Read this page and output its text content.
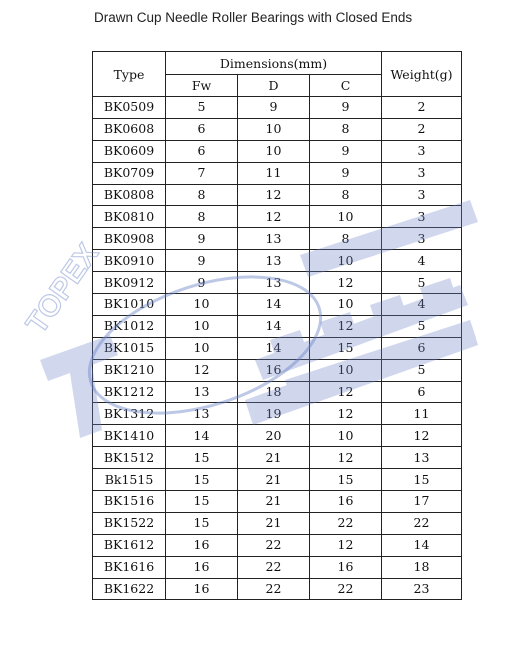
Drawn Cup Needle Roller Bearings with Closed Ends
Type	Dimensions(mm)			Weight(g)
	Fw	D	C	
BK0509	5	9	9	2
BK0608	6	10	8	2
BK0609	6	10	9	3
BK0709	7	11	9	3
BK0808	8	12	8	3
BK0810	8	12	10	3
BK0908	9	13	8	3
BK0910	9	13	10	4
BK0912	9	13	12	5
BK1010	10	14	10	4
BK1012	10	14	12	5
BK1015	10	14	15	6
BK1210	12	16	10	5
BK1212	13	18	12	6
BK1312	13	19	12	11
BK1410	14	20	10	12
BK1512	15	21	12	13
Bk1515	15	21	15	15
BK1516	15	21	16	17
BK1522	15	21	22	22
BK1612	16	22	12	14
BK1616	16	22	16	18
BK1622	16	22	22	23
TOPEX
